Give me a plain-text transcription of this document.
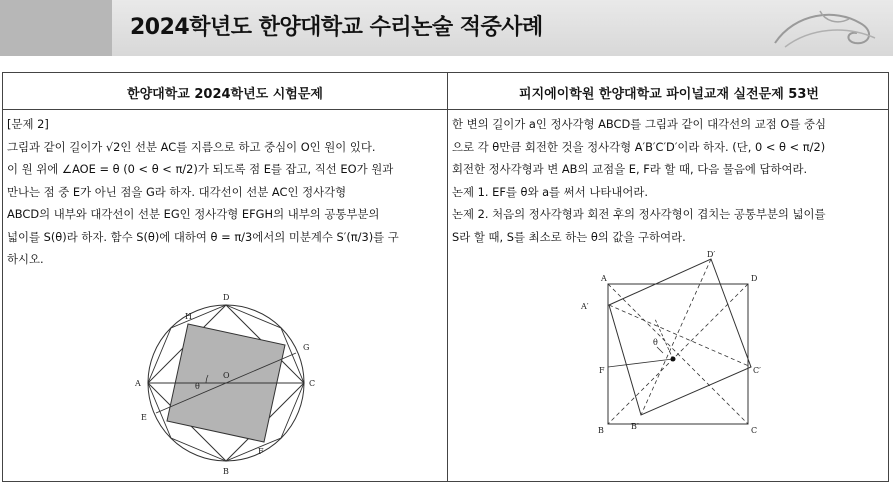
2024학년도 한양대학교 수리논술 적중사례
한양대학교 2024학년도 시험문제	피지에이학원 한양대학교 파이널교재 실전문제 53번

[문제 2]

그림과 같이 길이가 √2인 선분 AC를 지름으로 하고 중심이 O인 원이 있다.

이 원 위에 ∠AOE = θ (0 < θ < π/2)가 되도록 점 E를 잡고, 직선 EO가 원과

만나는 점 중 E가 아닌 점을 G라 하자. 대각선이 선분 AC인 정사각형

ABCD의 내부와 대각선이 선분 EG인 정사각형 EFGH의 내부의 공통부분의

넓이를 S(θ)라 하자. 함수 S(θ)에 대하여 θ = π/3에서의 미분계수 S′(π/3)를 구

하시오.

한 변의 길이가 a인 정사각형 ABCD를 그림과 같이 대각선의 교점 O를 중심

으로 각 θ만큼 회전한 것을 정사각형 A′B′C′D′이라 하자. (단, 0 < θ < π/2)

회전한 정사각형과 변 AB의 교점을 E, F라 할 때, 다음 물음에 답하여라.

논제 1. EF를 θ와 a를 써서 나타내어라.

논제 2. 처음의 정사각형과 회전 후의 정사각형이 겹치는 공통부분의 넓이를

S라 할 때, S를 최소로 하는 θ의 값을 구하여라.

A	C
D
B
E
G
H
F
O
θ
A	D
B	C
A′
D′
C′
B′
F
θ
